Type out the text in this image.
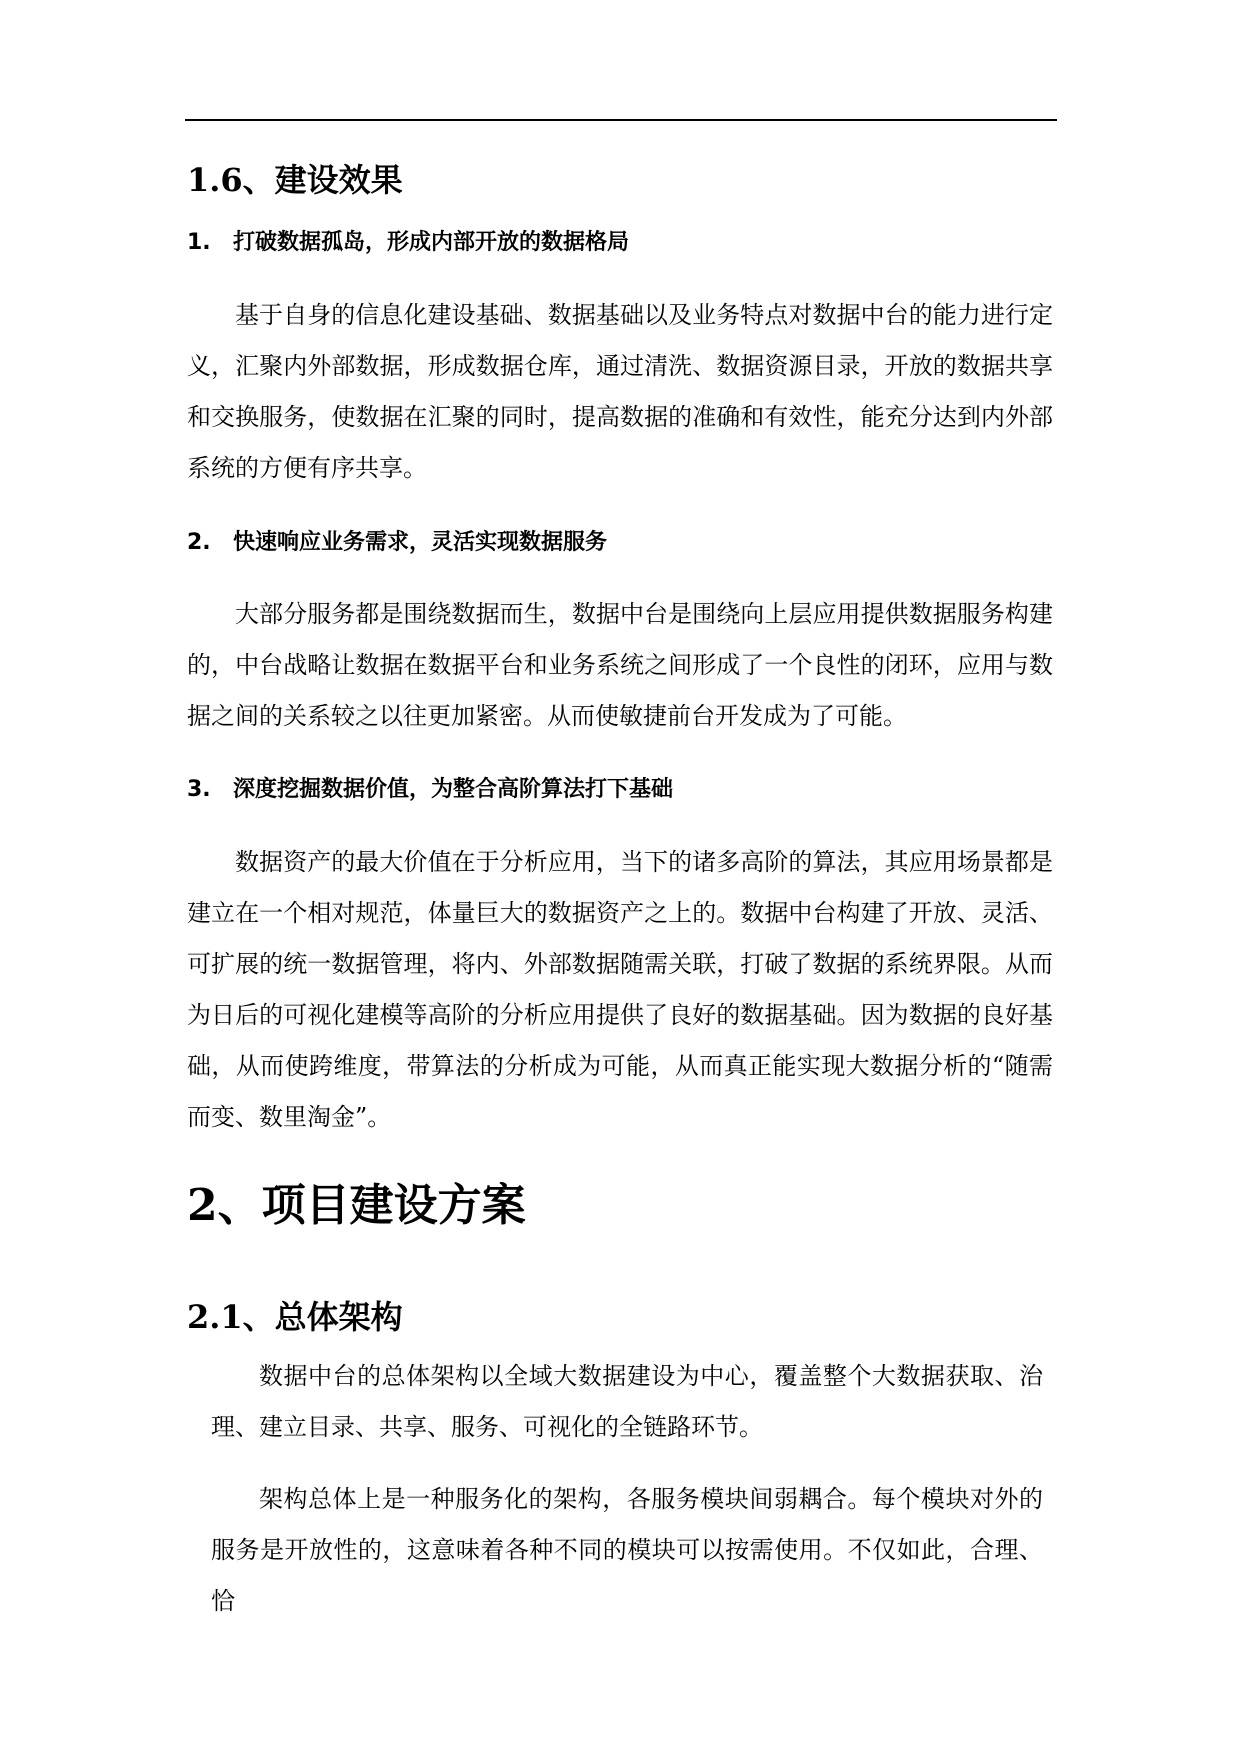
1.6、建设效果
1. 打破数据孤岛，形成内部开放的数据格局

基于自身的信息化建设基础、数据基础以及业务特点对数据中台的能力进行定义，汇聚内外部数据，形成数据仓库，通过清洗、数据资源目录，开放的数据共享和交换服务，使数据在汇聚的同时，提高数据的准确和有效性，能充分达到内外部系统的方便有序共享。

2. 快速响应业务需求，灵活实现数据服务

大部分服务都是围绕数据而生，数据中台是围绕向上层应用提供数据服务构建的，中台战略让数据在数据平台和业务系统之间形成了一个良性的闭环，应用与数据之间的关系较之以往更加紧密。从而使敏捷前台开发成为了可能。

3. 深度挖掘数据价值，为整合高阶算法打下基础

数据资产的最大价值在于分析应用，当下的诸多高阶的算法，其应用场景都是建立在一个相对规范，体量巨大的数据资产之上的。数据中台构建了开放、灵活、可扩展的统一数据管理，将内、外部数据随需关联，打破了数据的系统界限。从而为日后的可视化建模等高阶的分析应用提供了良好的数据基础。因为数据的良好基础，从而使跨维度，带算法的分析成为可能，从而真正能实现大数据分析的“随需而变、数里淘金”。

2、项目建设方案
2.1、总体架构

数据中台的总体架构以全域大数据建设为中心，覆盖整个大数据获取、治理、建立目录、共享、服务、可视化的全链路环节。

架构总体上是一种服务化的架构，各服务模块间弱耦合。每个模块对外的服务是开放性的，这意味着各种不同的模块可以按需使用。不仅如此，合理、恰
